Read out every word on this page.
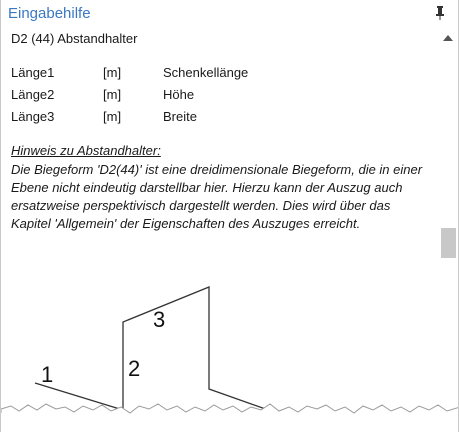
Eingabehilfe
D2 (44) Abstandhalter
Länge1	[m]	Schenkellänge
Länge2	[m]	Höhe
Länge3	[m]	Breite
Hinweis zu Abstandhalter:
Die Biegeform 'D2(44)' ist eine dreidimensionale Biegeform, die in einer Ebene nicht eindeutig darstellbar hier. Hierzu kann der Auszug auch ersatzweise perspektivisch dargestellt werden. Dies wird über das Kapitel 'Allgemein' der Eigenschaften des Auszuges erreicht.
1	2
3
